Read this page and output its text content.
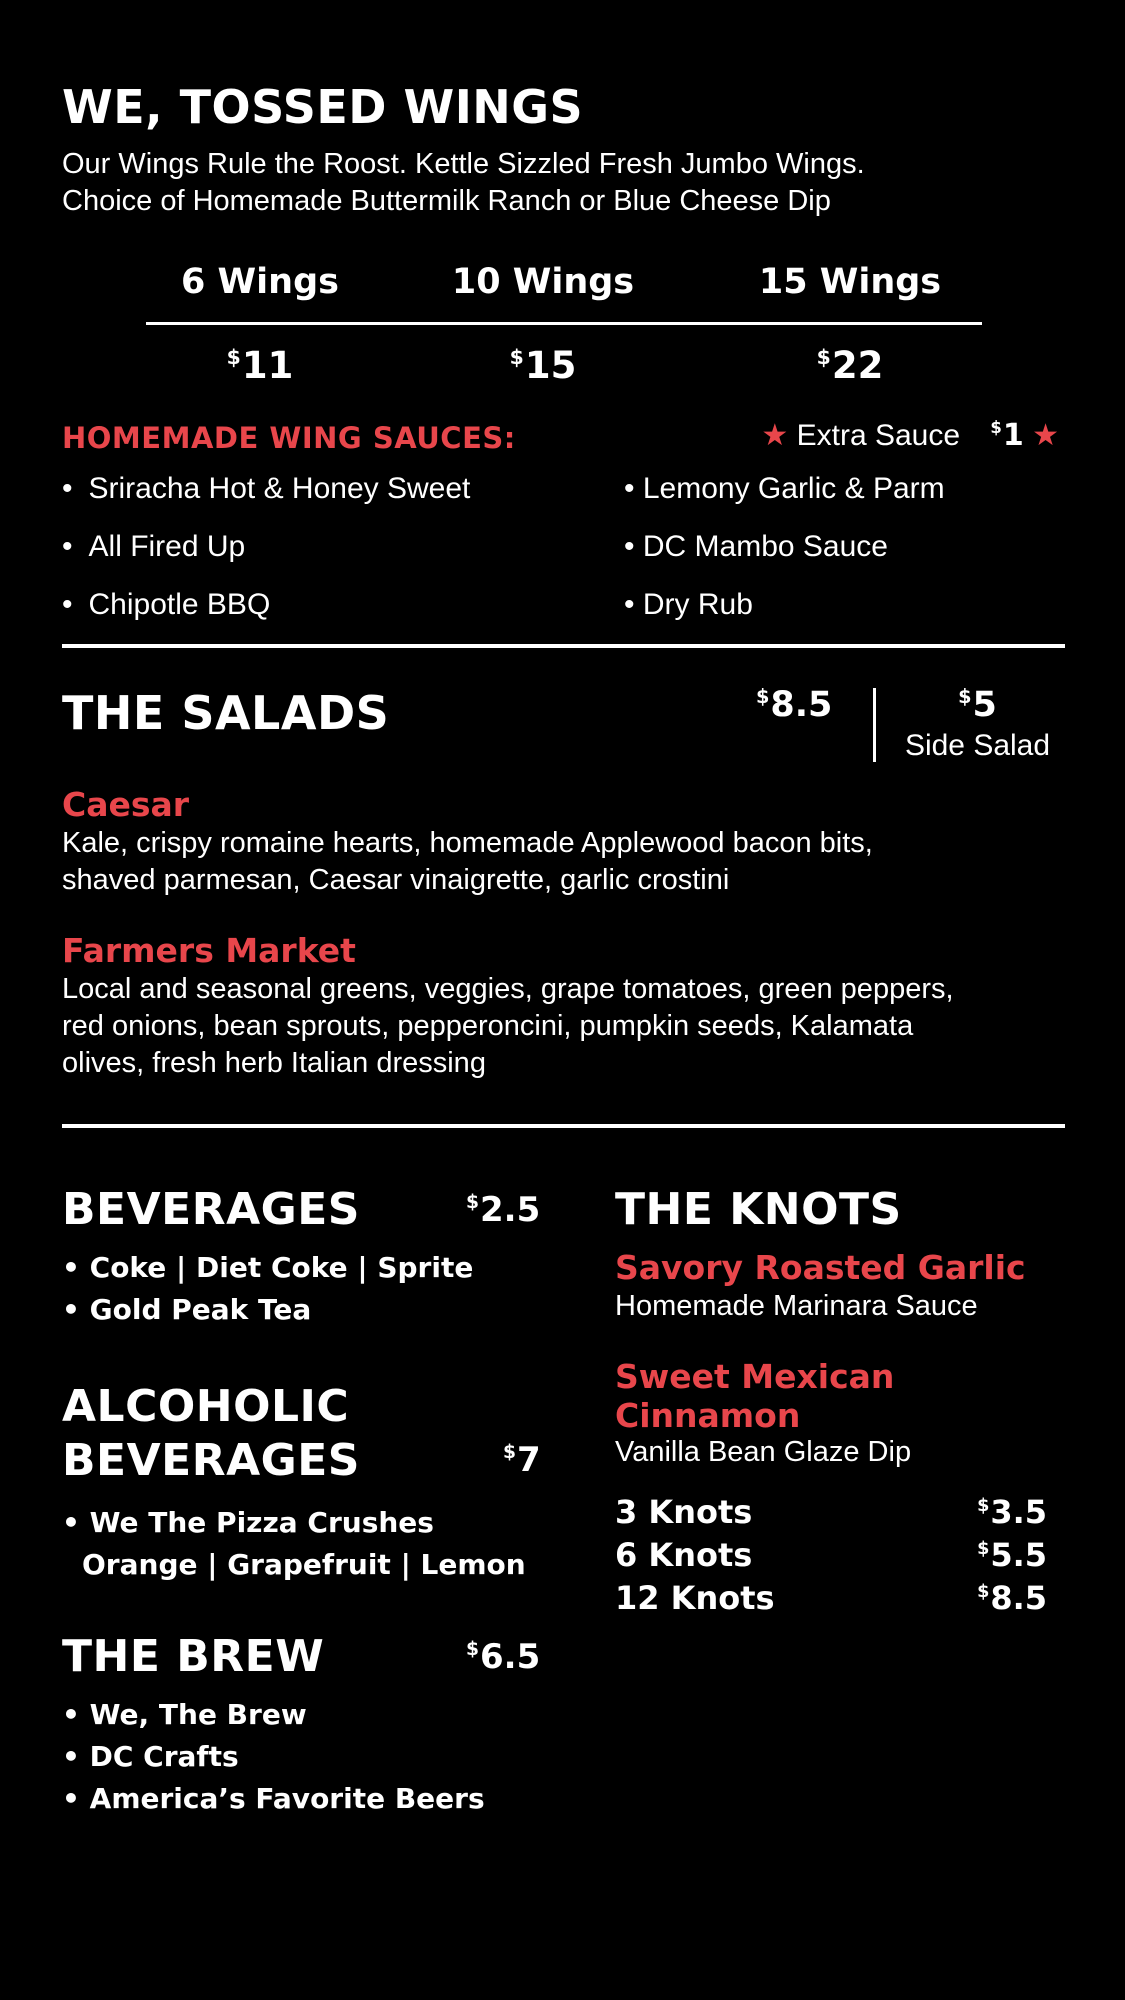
WE, TOSSED WINGS
Our Wings Rule the Roost. Kettle Sizzled Fresh Jumbo Wings.
Choice of Homemade Buttermilk Ranch or Blue Cheese Dip
6 Wings	10 Wings	15 Wings
$11	$15	$22
HOMEMADE WING SAUCES:	★ Extra Sauce $1 ★
• Sriracha Hot & Honey Sweet
• All Fired Up
• Chipotle BBQ
• Lemony Garlic & Parm
• DC Mambo Sauce
• Dry Rub
THE SALADS	$8.5	$5
Side Salad
Caesar
Kale, crispy romaine hearts, homemade Applewood bacon bits,
shaved parmesan, Caesar vinaigrette, garlic crostini
Farmers Market
Local and seasonal greens, veggies, grape tomatoes, green peppers,
red onions, bean sprouts, pepperoncini, pumpkin seeds, Kalamata
olives, fresh herb Italian dressing
BEVERAGES	$2.5
• Coke | Diet Coke | Sprite
• Gold Peak Tea
ALCOHOLIC
BEVERAGES	$7
• We The Pizza Crushes
Orange | Grapefruit | Lemon
THE BREW	$6.5
• We, The Brew
• DC Crafts
• America’s Favorite Beers
THE KNOTS
Savory Roasted Garlic
Homemade Marinara Sauce
Sweet Mexican
Cinnamon
Vanilla Bean Glaze Dip
3 Knots	$3.5
6 Knots	$5.5
12 Knots	$8.5
